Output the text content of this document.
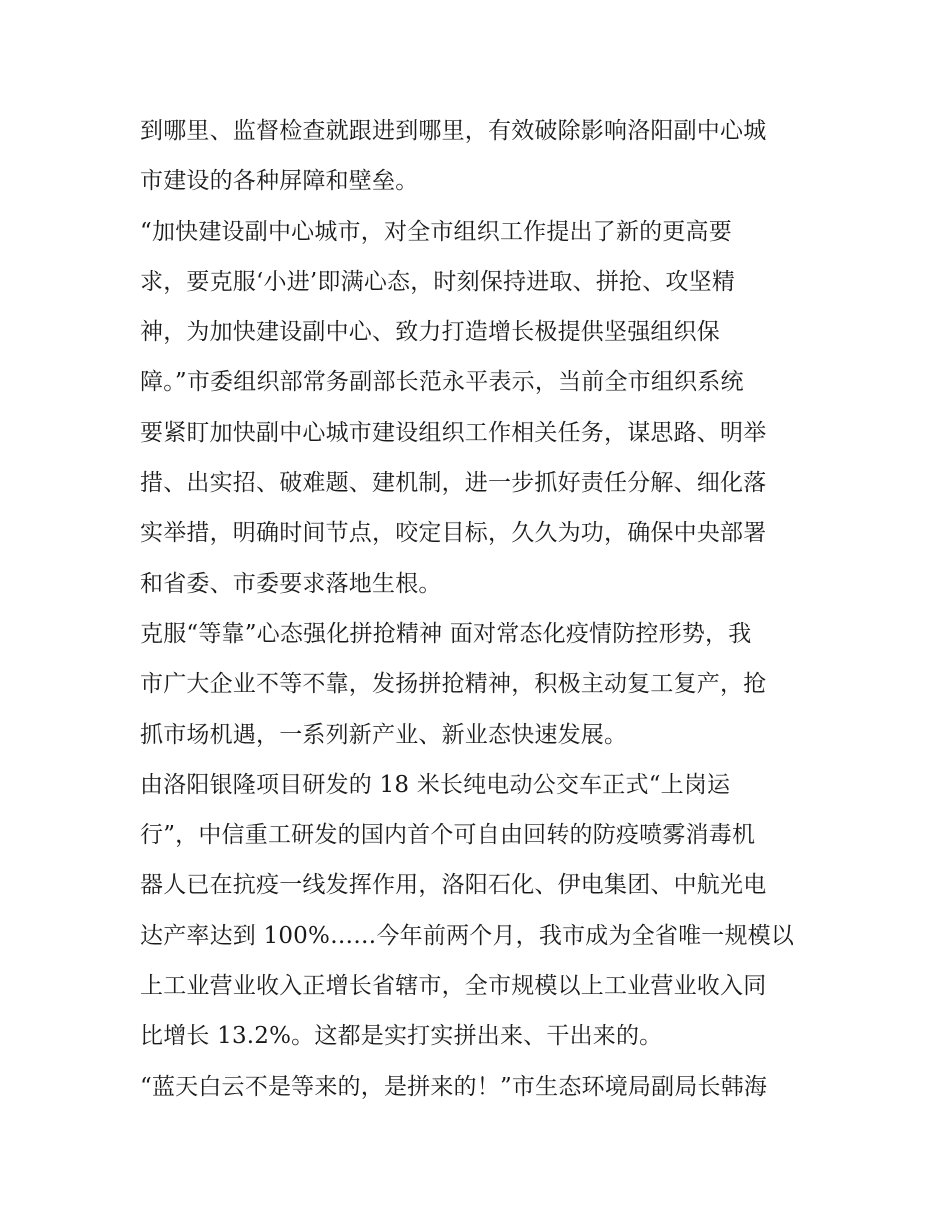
到哪里、监督检查就跟进到哪里，有效破除影响洛阳副中心城
市建设的各种屏障和壁垒。
“加快建设副中心城市，对全市组织工作提出了新的更高要
求，要克服‘小进’即满心态，时刻保持进取、拼抢、攻坚精
神，为加快建设副中心、致力打造增长极提供坚强组织保
障。”市委组织部常务副部长范永平表示，当前全市组织系统
要紧盯加快副中心城市建设组织工作相关任务，谋思路、明举
措、出实招、破难题、建机制，进一步抓好责任分解、细化落
实举措，明确时间节点，咬定目标，久久为功，确保中央部署
和省委、市委要求落地生根。
克服“等靠”心态强化拼抢精神 面对常态化疫情防控形势，我
市广大企业不等不靠，发扬拼抢精神，积极主动复工复产，抢
抓市场机遇，一系列新产业、新业态快速发展。
由洛阳银隆项目研发的 18 米长纯电动公交车正式“上岗运
行”，中信重工研发的国内首个可自由回转的防疫喷雾消毒机
器人已在抗疫一线发挥作用，洛阳石化、伊电集团、中航光电
达产率达到 100%……今年前两个月，我市成为全省唯一规模以
上工业营业收入正增长省辖市，全市规模以上工业营业收入同
比增长 13.2%。这都是实打实拼出来、干出来的。
“蓝天白云不是等来的，是拼来的！”市生态环境局副局长韩海
